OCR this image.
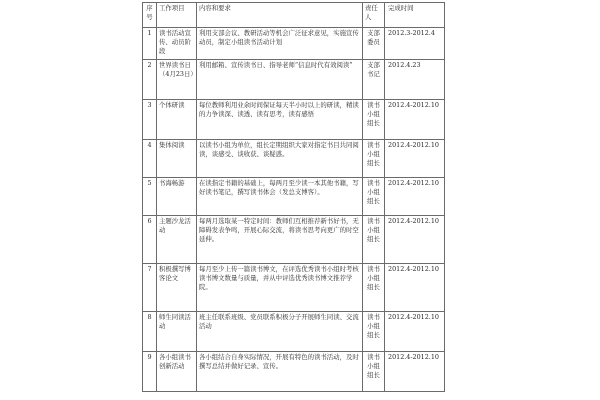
序号	工作项目	内容和要求	责任人	完成时间
1	读书活动宣传、动员阶段	利用支部会议、教研活动等机会广泛征求意见，实施宣传动员，制定小组读书活动计划	支部委员	2012.3-2012.4
2	世界读书日（4月23日）	利用邮箱、宣传读书日、指导老师“信息时代有效阅读”	支部书记	2012.4.23
3	个体研读	每位教师利用业余时间保证每天半小时以上的研读，精读的力争读深、读透、读有思考，读有感悟	读书小组组长	2012.4-2012.10
4	集体阅读	以读书小组为单位，组长定期组织大家对指定书目共同阅读，谈感受、谈收获、谈疑惑。	读书小组组长	2012.4-2012.10
5	书海畅游	在读指定书籍的基础上，每两月至少读一本其他书籍，写好读书笔记，撰写读书体会（发总支博客）。	读书小组组长	2012.4-2012.10
6	主题沙龙活动	每两月选取某一特定时间：教师们互相推荐新书好书，无障碍发表争鸣，开展心际交流，将读书思考向更广的时空延伸。	读书小组组长	2012.4-2012.10
7	积极撰写博客论文	每月至少上传一篇读书博文，在评选优秀读书小组时考核读书博文数量与质量，并从中评选优秀读书博文推荐学院。	读书小组组长	2012.4-2012.10
8	师生同读活动	班主任联系班级、党员联系积极分子开展师生同读、交流活动	读书小组组长	2012.4-2012.10
9	各小组读书创新活动	各小组结合自身实际情况，开展有特色的读书活动，及时撰写总结并做好记录、宣传。	读书小组组长	2012.4-2012.10
